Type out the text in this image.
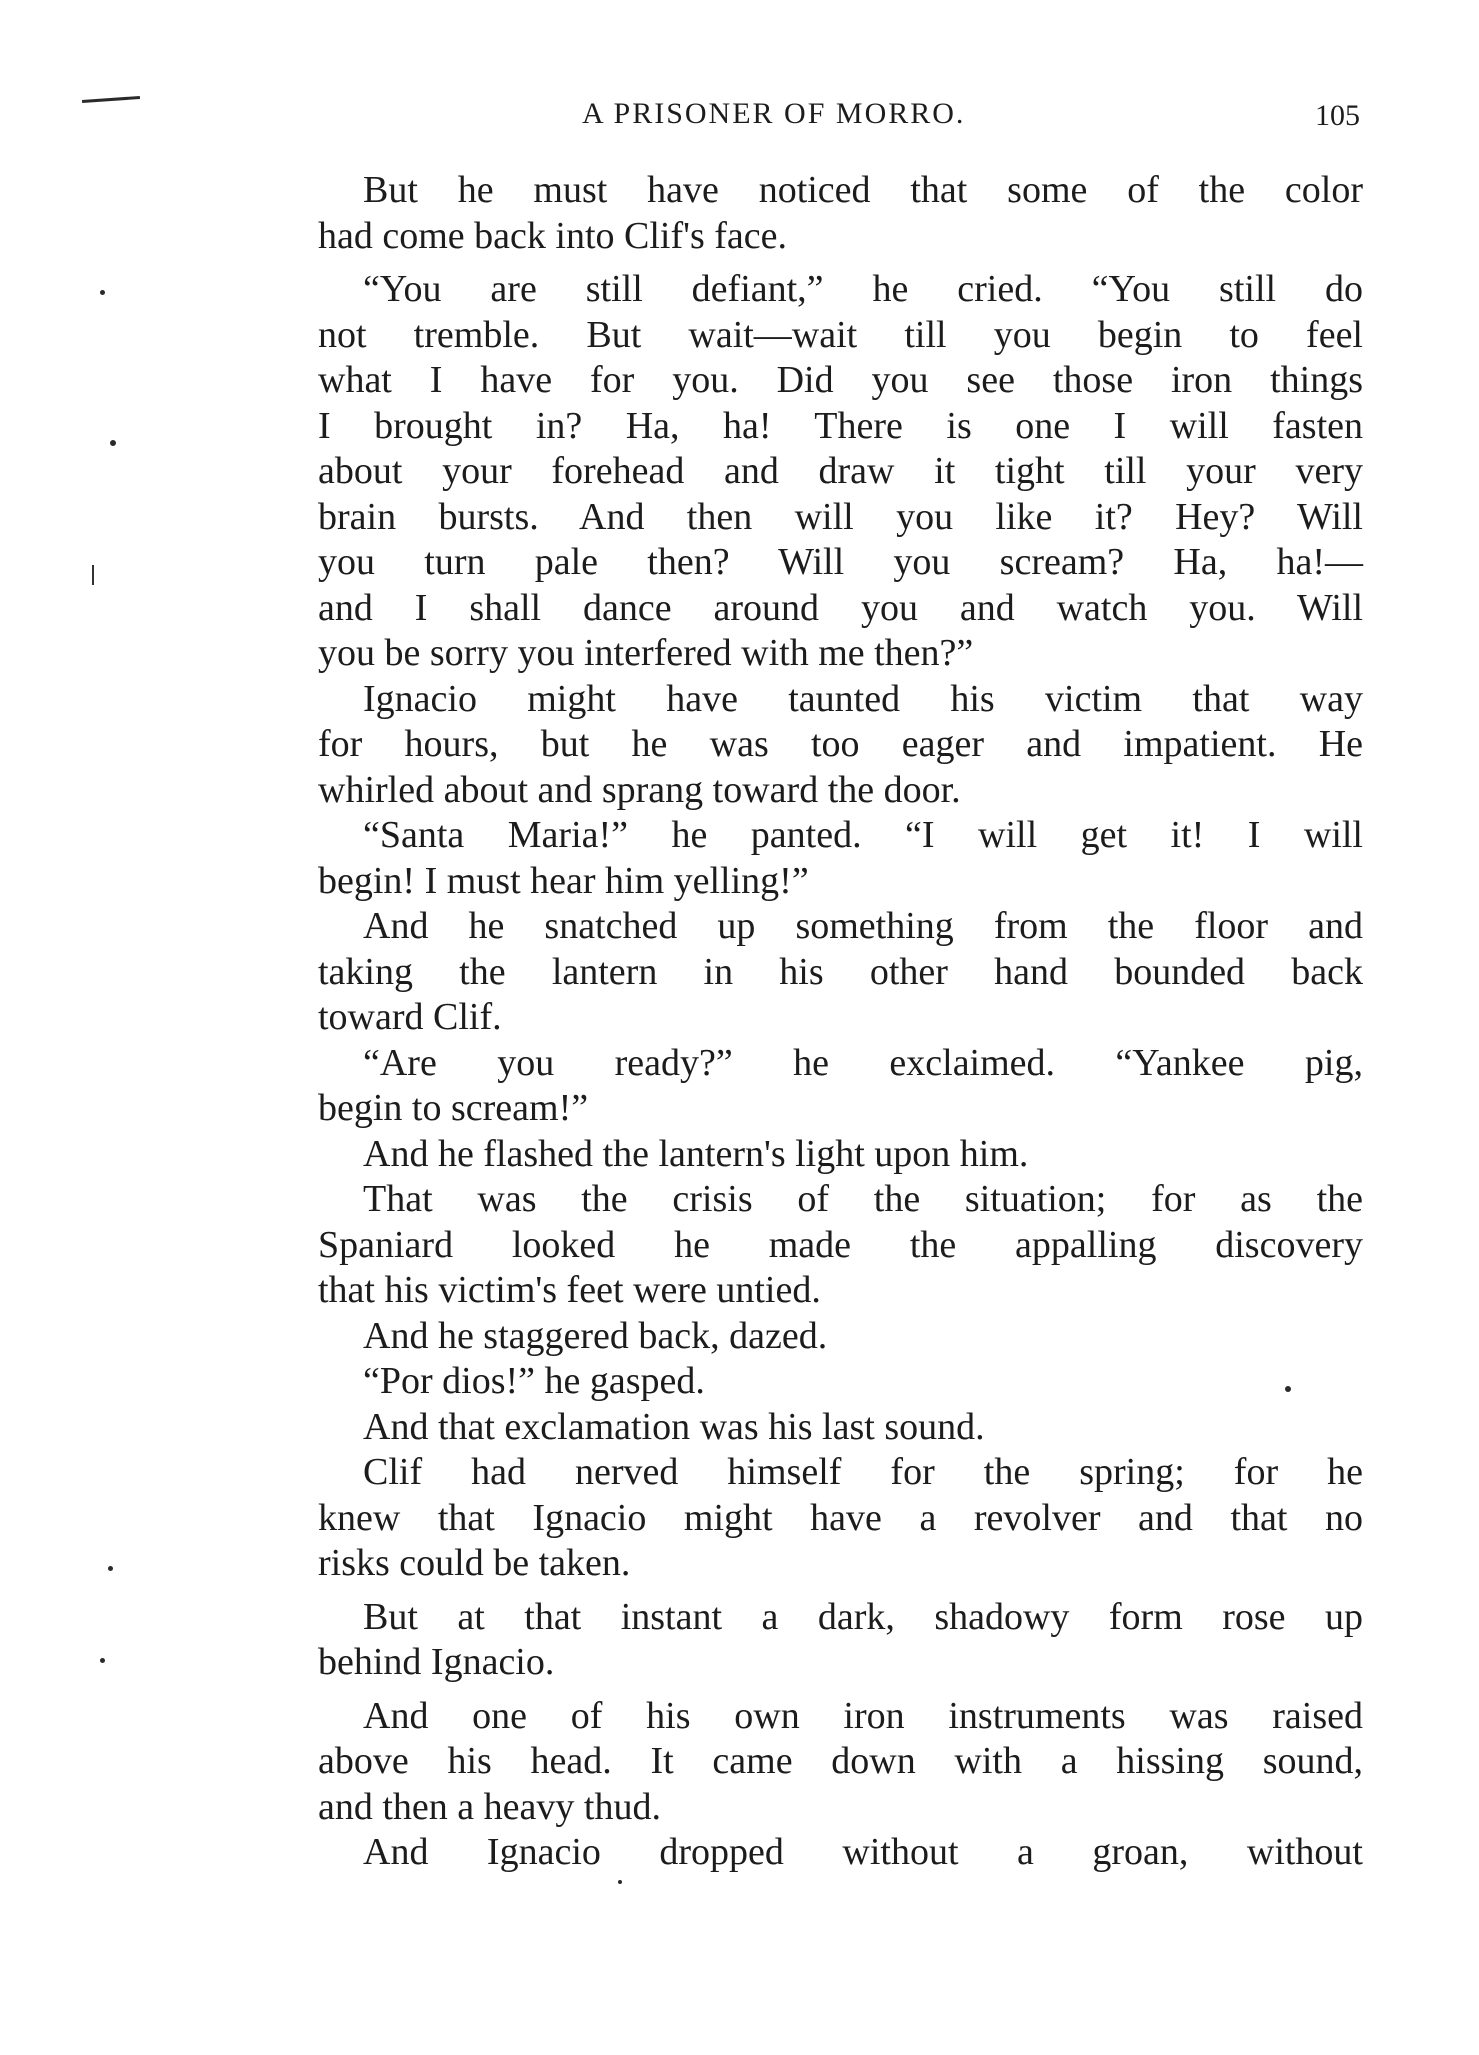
A PRISONER OF MORRO.	105
But he must have noticed that some of the color
had come back into Clif's face.
“You are still defiant,” he cried. “You still do
not tremble. But wait—wait till you begin to feel
what I have for you. Did you see those iron things
I brought in? Ha, ha! There is one I will fasten
about your forehead and draw it tight till your very
brain bursts. And then will you like it? Hey? Will
you turn pale then? Will you scream? Ha, ha!—
and I shall dance around you and watch you. Will
you be sorry you interfered with me then?”
Ignacio might have taunted his victim that way
for hours, but he was too eager and impatient. He
whirled about and sprang toward the door.
“Santa Maria!” he panted. “I will get it! I will
begin! I must hear him yelling!”
And he snatched up something from the floor and
taking the lantern in his other hand bounded back
toward Clif.
“Are you ready?” he exclaimed. “Yankee pig,
begin to scream!”
And he flashed the lantern's light upon him.
That was the crisis of the situation; for as the
Spaniard looked he made the appalling discovery
that his victim's feet were untied.
And he staggered back, dazed.
“Por dios!” he gasped.
And that exclamation was his last sound.
Clif had nerved himself for the spring; for he
knew that Ignacio might have a revolver and that no
risks could be taken.
But at that instant a dark, shadowy form rose up
behind Ignacio.
And one of his own iron instruments was raised
above his head. It came down with a hissing sound,
and then a heavy thud.
And Ignacio dropped without a groan, without
